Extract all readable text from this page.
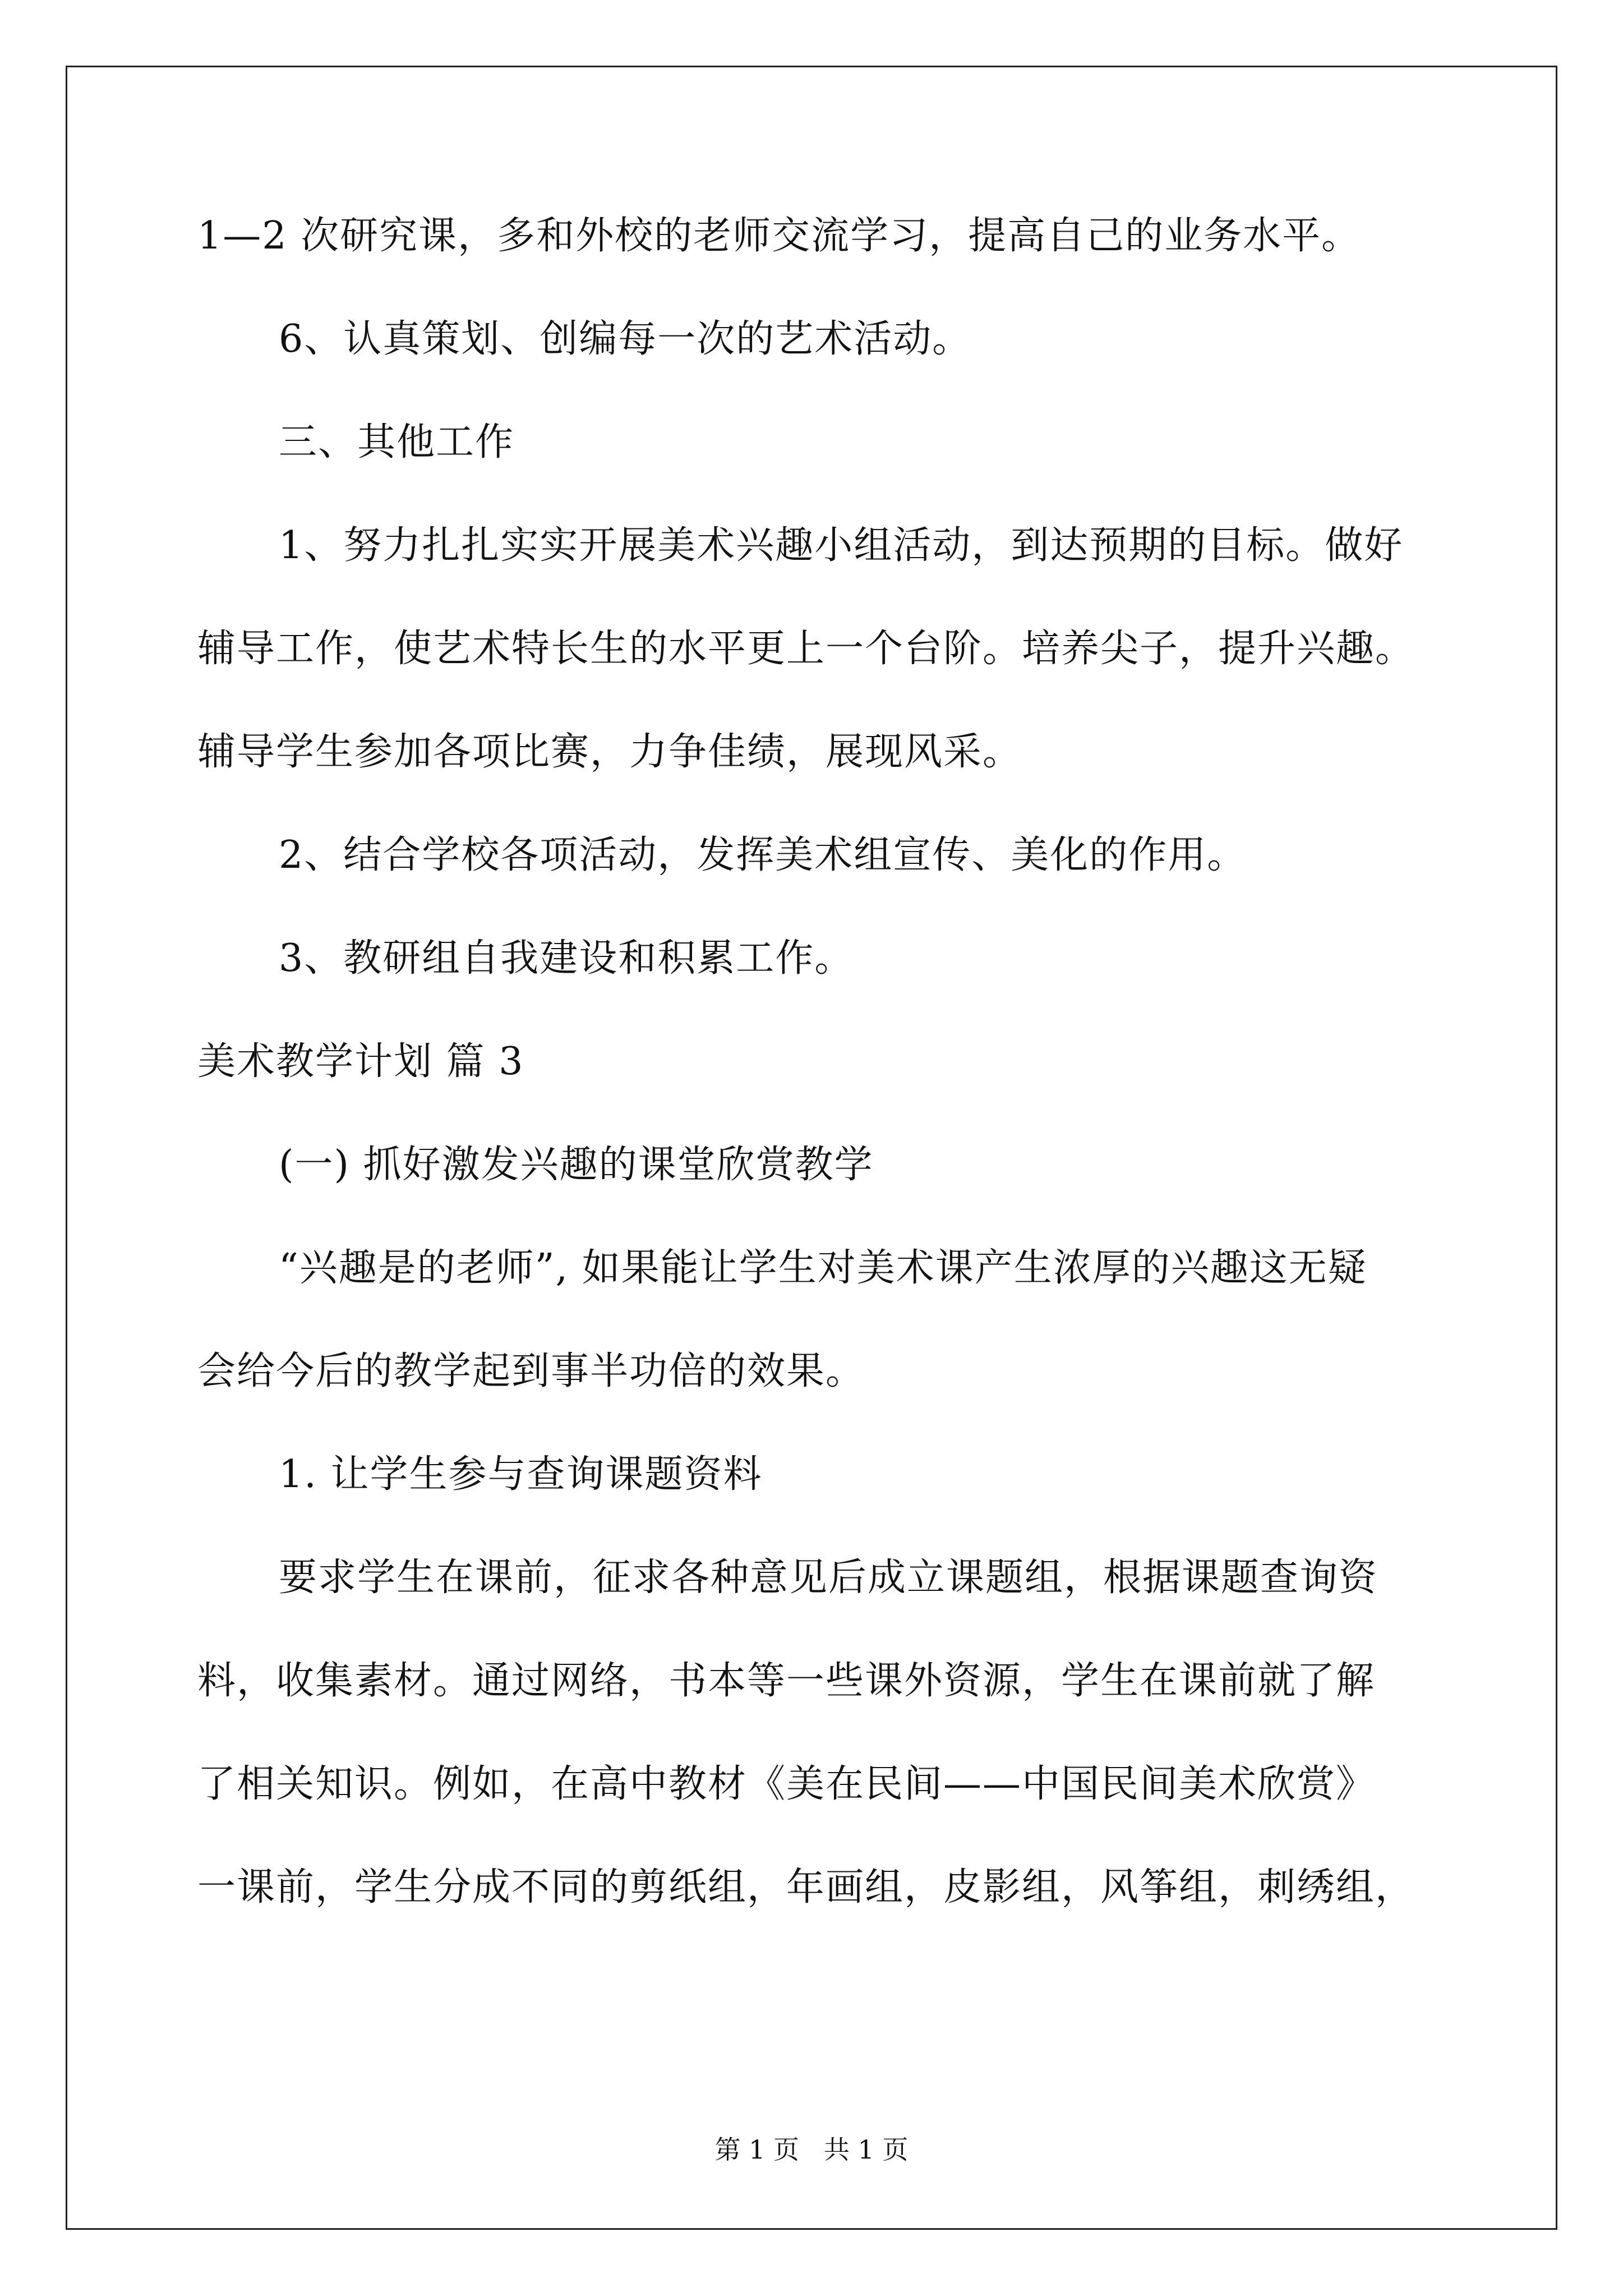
1—2 次研究课，多和外校的老师交流学习，提高自己的业务水平。
6、认真策划、创编每一次的艺术活动。
三、其他工作
1、努力扎扎实实开展美术兴趣小组活动，到达预期的目标。做好
辅导工作，使艺术特长生的水平更上一个台阶。培养尖子，提升兴趣。
辅导学生参加各项比赛，力争佳绩，展现风采。
2、结合学校各项活动，发挥美术组宣传、美化的作用。
3、教研组自我建设和积累工作。
美术教学计划 篇 3
(一) 抓好激发兴趣的课堂欣赏教学
“兴趣是的老师”, 如果能让学生对美术课产生浓厚的兴趣这无疑
会给今后的教学起到事半功倍的效果。
1. 让学生参与查询课题资料
要求学生在课前，征求各种意见后成立课题组，根据课题查询资
料，收集素材。通过网络，书本等一些课外资源，学生在课前就了解
了相关知识。例如，在高中教材《美在民间——中国民间美术欣赏》
一课前，学生分成不同的剪纸组，年画组，皮影组，风筝组，刺绣组，
第 1 页   共 1 页
